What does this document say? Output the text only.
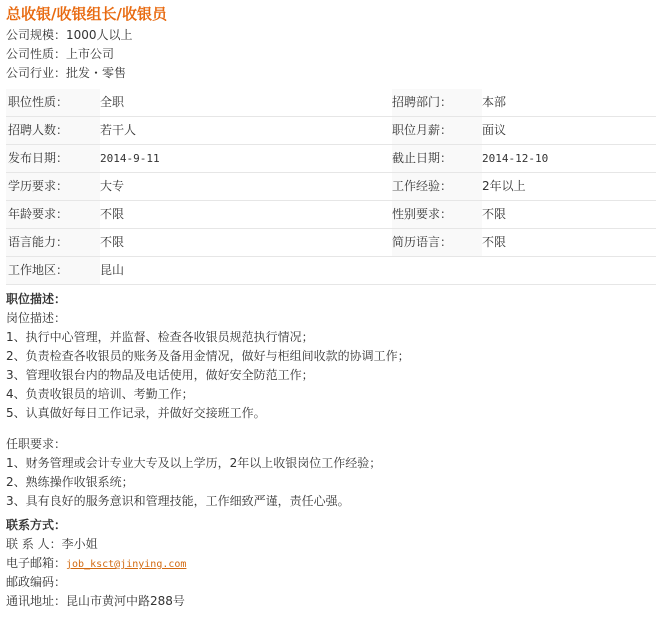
总收银/收银组长/收银员
公司规模：1000人以上
公司性质：上市公司
公司行业：批发・零售
职位性质：	全职	招聘部门：	本部
招聘人数：	若干人	职位月薪：	面议
发布日期：	2014-9-11	截止日期：	2014-12-10
学历要求：	大专	工作经验：	2年以上
年龄要求：	不限	性别要求：	不限
语言能力：	不限	简历语言：	不限
工作地区：	昆山		
职位描述：
岗位描述：
1、执行中心管理，并监督、检查各收银员规范执行情况；
2、负责检查各收银员的账务及备用金情况，做好与柜组间收款的协调工作；
3、管理收银台内的物品及电话使用，做好安全防范工作；
4、负责收银员的培训、考勤工作；
5、认真做好每日工作记录，并做好交接班工作。
任职要求：
1、财务管理或会计专业大专及以上学历，2年以上收银岗位工作经验；
2、熟练操作收银系统；
3、具有良好的服务意识和管理技能，工作细致严谨，责任心强。
联系方式：
联 系 人：李小姐
电子邮箱：job_ksct@jinying.com
邮政编码：
通讯地址：昆山市黄河中路288号
